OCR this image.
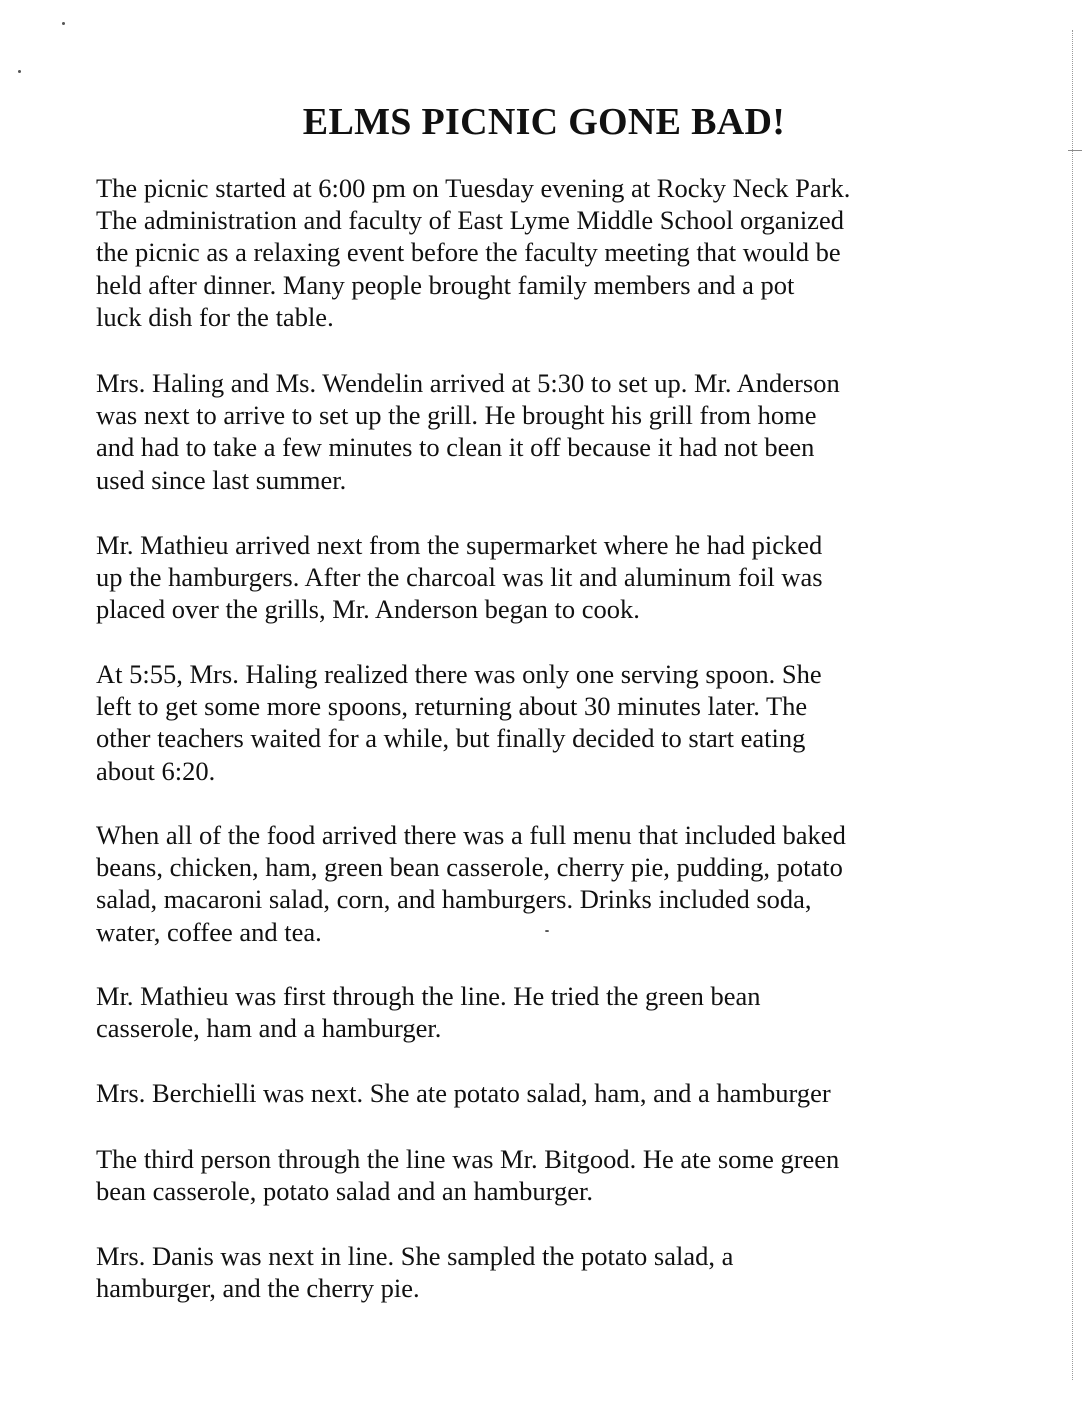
ELMS PICNIC GONE BAD!

The picnic started at 6:00 pm on Tuesday evening at Rocky Neck Park.
The administration and faculty of East Lyme Middle School organized
the picnic as a relaxing event before the faculty meeting that would be
held after dinner. Many people brought family members and a pot
luck dish for the table.

Mrs. Haling and Ms. Wendelin arrived at 5:30 to set up. Mr. Anderson
was next to arrive to set up the grill. He brought his grill from home
and had to take a few minutes to clean it off because it had not been
used since last summer.

Mr. Mathieu arrived next from the supermarket where he had picked
up the hamburgers. After the charcoal was lit and aluminum foil was
placed over the grills, Mr. Anderson began to cook.

At 5:55, Mrs. Haling realized there was only one serving spoon. She
left to get some more spoons, returning about 30 minutes later. The
other teachers waited for a while, but finally decided to start eating
about 6:20.

When all of the food arrived there was a full menu that included baked
beans, chicken, ham, green bean casserole, cherry pie, pudding, potato
salad, macaroni salad, corn, and hamburgers. Drinks included soda,
water, coffee and tea.

Mr. Mathieu was first through the line. He tried the green bean
casserole, ham and a hamburger.

Mrs. Berchielli was next. She ate potato salad, ham, and a hamburger

The third person through the line was Mr. Bitgood. He ate some green
bean casserole, potato salad and an hamburger.

Mrs. Danis was next in line. She sampled the potato salad, a
hamburger, and the cherry pie.
